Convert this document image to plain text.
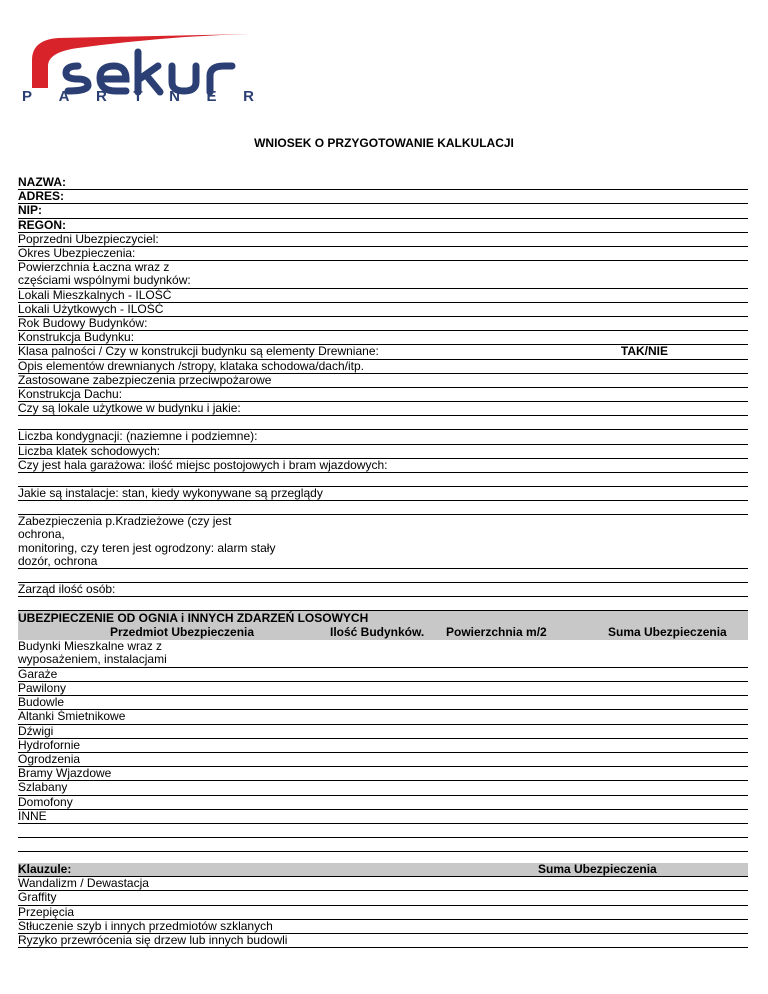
P A R T N E R
WNIOSEK O PRZYGOTOWANIE KALKULACJI
NAZWA:
ADRES:
NIP:
REGON:
Poprzedni Ubezpieczyciel:
Okres Ubezpieczenia:
Powierzchnia Łaczna wraz z
częściami wspólnymi budynków:
Lokali Mieszkalnych - ILOŚĆ
Lokali Użytkowych - ILOŚĆ
Rok Budowy Budynków:
Konstrukcja Budynku:
Klasa palności / Czy w konstrukcji budynku są elementy Drewniane:	TAK/NIE
Opis elementów drewnianych /stropy, klataka schodowa/dach/itp.
Zastosowane zabezpieczenia przeciwpożarowe
Konstrukcja Dachu:
Czy są lokale użytkowe w budynku i jakie:
Liczba kondygnacji: (naziemne i podziemne):
Liczba klatek schodowych:
Czy jest hala garażowa: ilość miejsc postojowych i bram wjazdowych:
Jakie są instalacje: stan, kiedy wykonywane są przeglądy
Zabezpieczenia p.Kradzieżowe (czy jest
ochrona,
monitoring, czy teren jest ogrodzony: alarm stały
dozór, ochrona
Zarząd ilość osób:
UBEZPIECZENIE OD OGNIA i INNYCH ZDARZEŃ LOSOWYCH
Przedmiot Ubezpieczenia	Ilość Budynków. Powierzchnia m/2	Suma Ubezpieczenia
Budynki Mieszkalne wraz z
wyposażeniem, instalacjami
Garaże
Pawilony
Budowle
Altanki Śmietnikowe
Dźwigi
Hydrofornie
Ogrodzenia
Bramy Wjazdowe
Szlabany
Domofony
INNE
Klauzule:	Suma Ubezpieczenia
Wandalizm / Dewastacja
Graffity
Przepięcia
Stłuczenie szyb i innych przedmiotów szklanych
Ryzyko przewrócenia się drzew lub innych budowli
